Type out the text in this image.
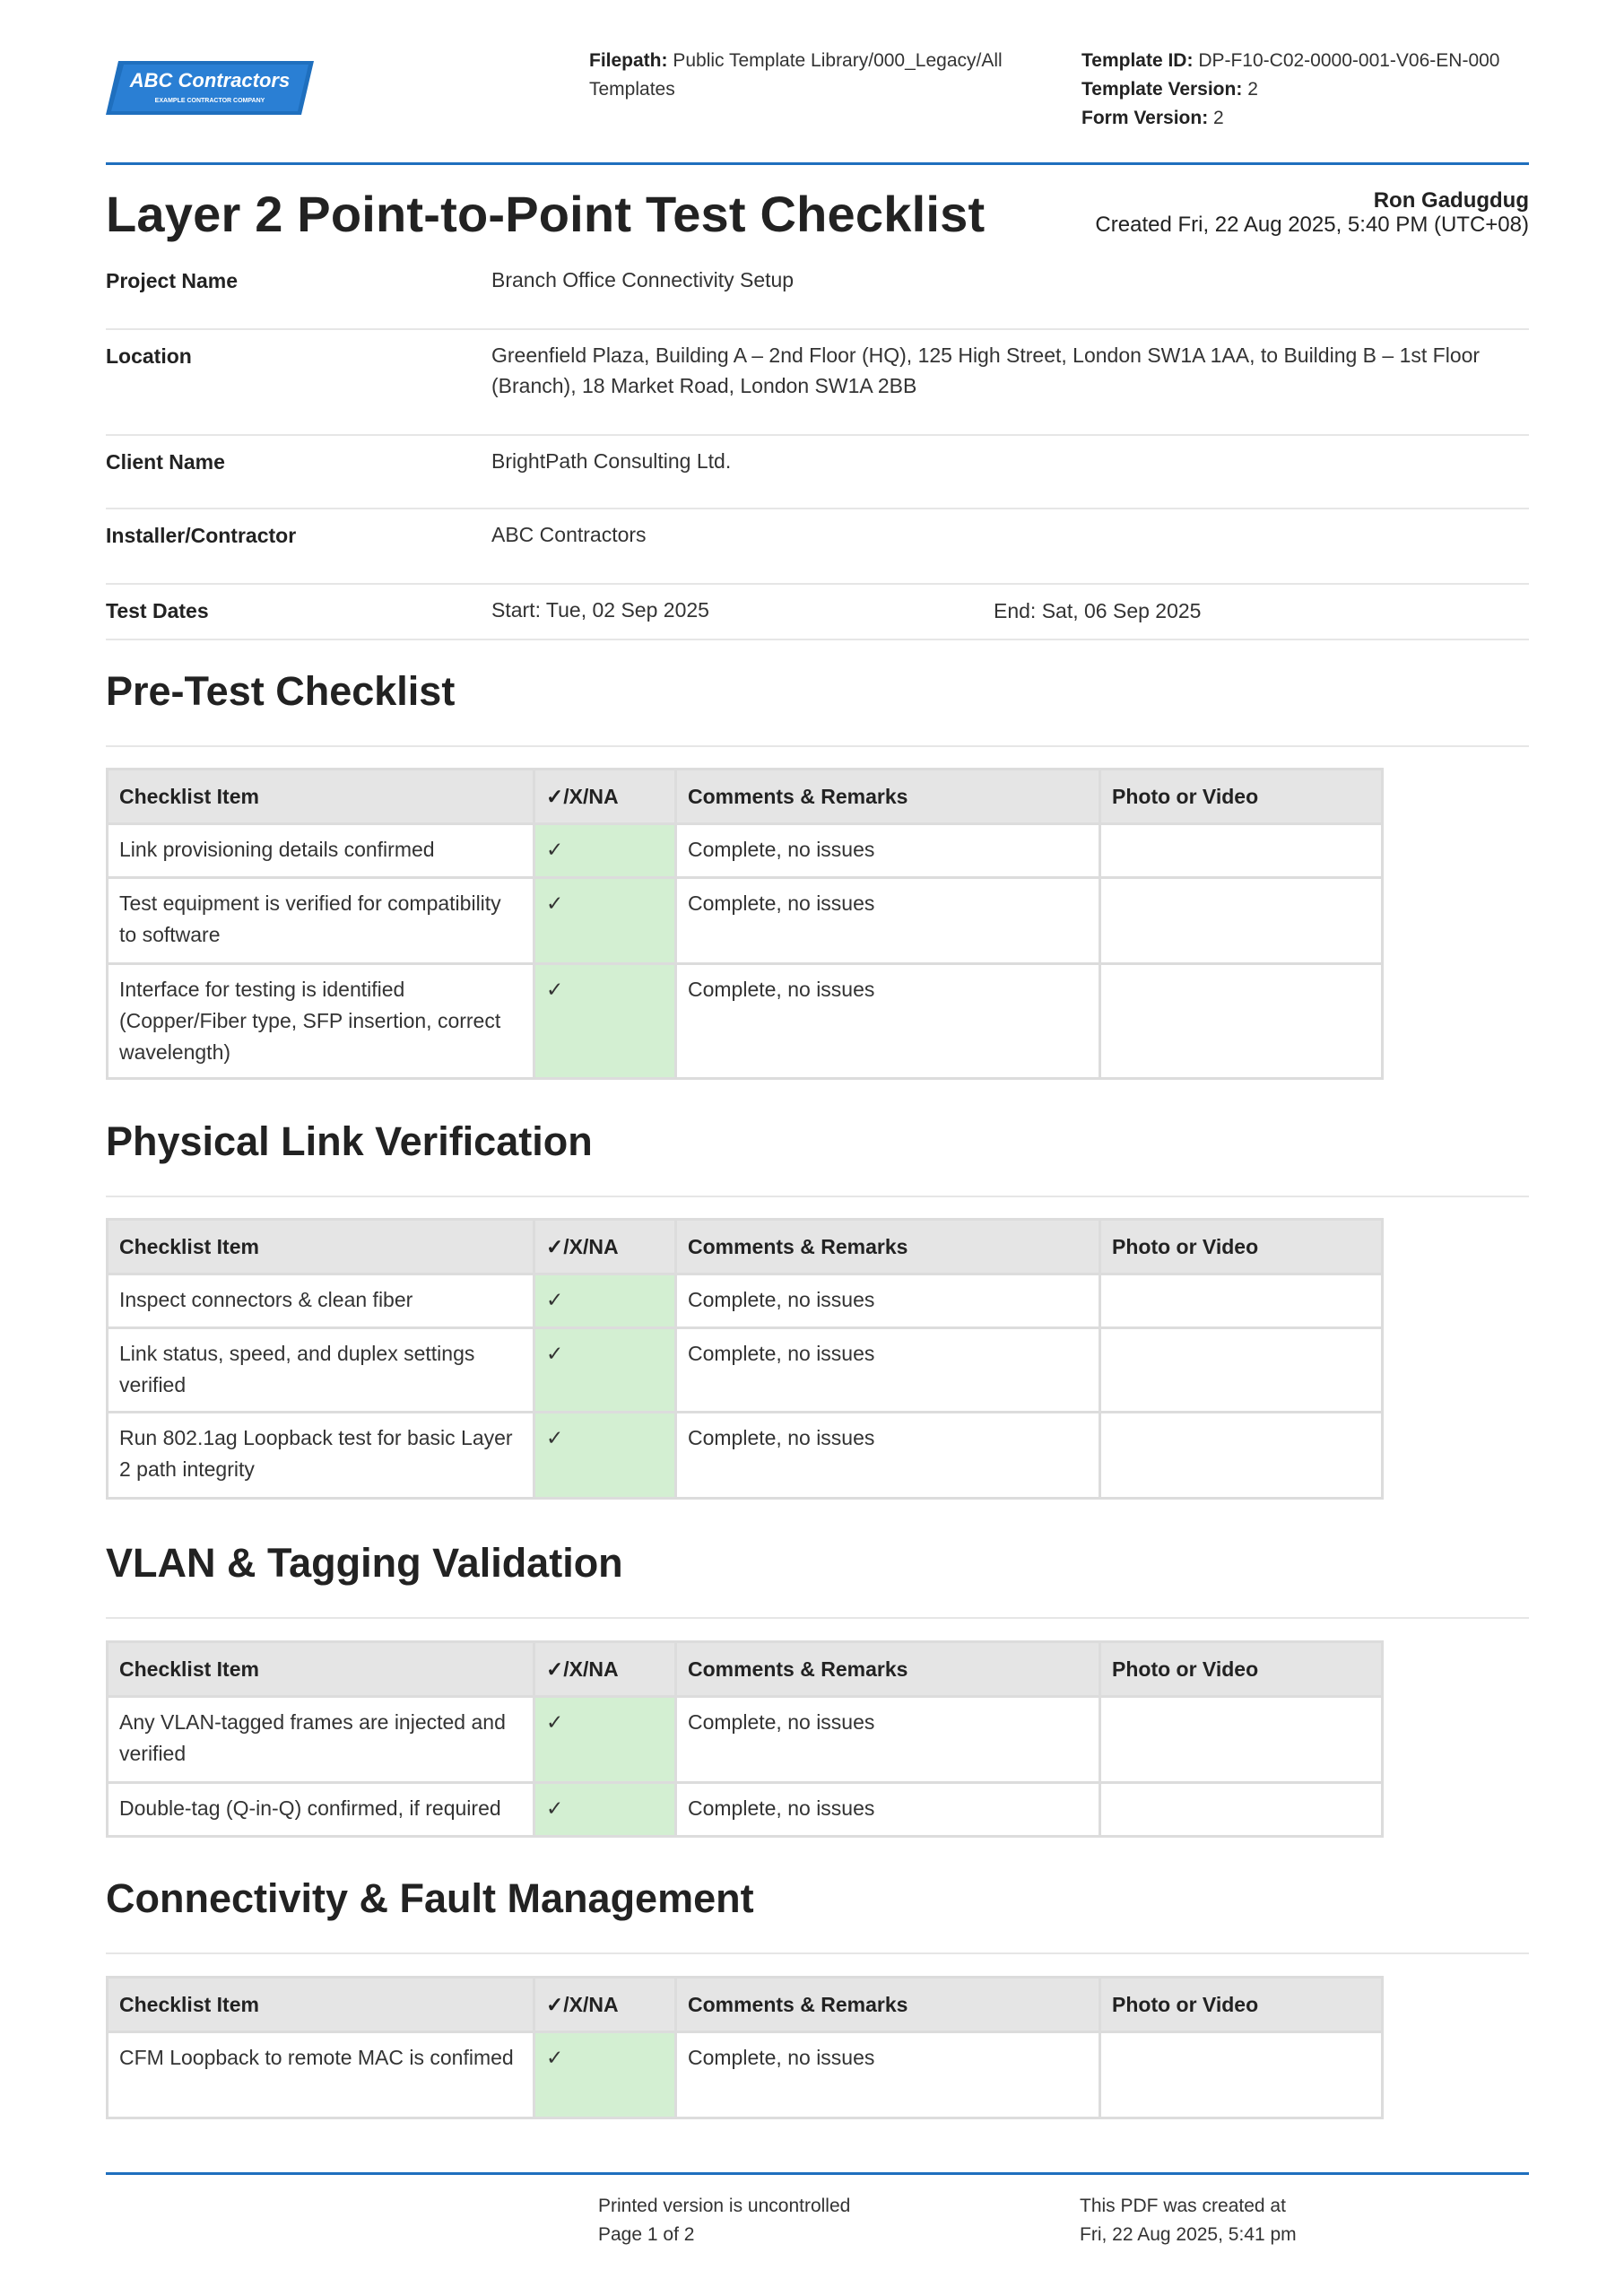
ABC Contractors
EXAMPLE CONTRACTOR COMPANY
Filepath: Public Template Library/000_Legacy/All
Templates
Template ID: DP-F10-C02-0000-001-V06-EN-000
Template Version: 2
Form Version: 2
Layer 2 Point-to-Point Test Checklist	Ron Gadugdug
Created Fri, 22 Aug 2025, 5:40 PM (UTC+08)
Project Name	Branch Office Connectivity Setup
Location	Greenfield Plaza, Building A – 2nd Floor (HQ), 125 High Street, London SW1A 1AA, to Building B – 1st Floor (Branch), 18 Market Road, London SW1A 2BB
Client Name	BrightPath Consulting Ltd.
Installer/Contractor	ABC Contractors
Test Dates	Start: Tue, 02 Sep 2025	End: Sat, 06 Sep 2025
Pre-Test Checklist
Checklist Item	✓/X/NA	Comments & Remarks	Photo or Video
Link provisioning details confirmed	✓	Complete, no issues	
Test equipment is verified for compatibility to software	✓	Complete, no issues	
Interface for testing is identified (Copper/Fiber type, SFP insertion, correct wavelength)	✓	Complete, no issues	
Physical Link Verification
Checklist Item	✓/X/NA	Comments & Remarks	Photo or Video
Inspect connectors & clean fiber	✓	Complete, no issues	
Link status, speed, and duplex settings verified	✓	Complete, no issues	
Run 802.1ag Loopback test for basic Layer 2 path integrity	✓	Complete, no issues	
VLAN & Tagging Validation
Checklist Item	✓/X/NA	Comments & Remarks	Photo or Video
Any VLAN-tagged frames are injected and verified	✓	Complete, no issues	
Double-tag (Q-in-Q) confirmed, if required	✓	Complete, no issues	
Connectivity & Fault Management
Checklist Item	✓/X/NA	Comments & Remarks	Photo or Video
CFM Loopback to remote MAC is confimed	✓	Complete, no issues	
Printed version is uncontrolled
Page 1 of 2
This PDF was created at
Fri, 22 Aug 2025, 5:41 pm
